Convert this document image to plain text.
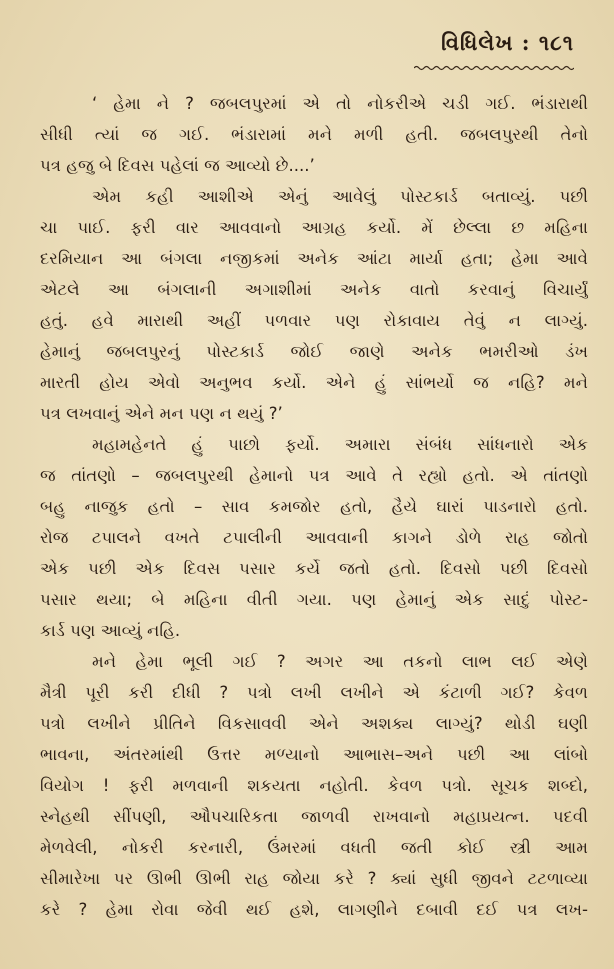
વિધિલેખ : ૧૮૧
‘ હેમા ને ? જબલપુરમાં એ તો નોકરીએ ચડી ગઈ. ભંડારાથી
સીધી ત્યાં જ ગઈ. ભંડારામાં મને મળી હતી. જબલપુરથી તેનો
પત્ર હજુ બે દિવસ પહેલાં જ આવ્યો છે....’
એમ કહી આશીએ એનું આવેલું પોસ્ટકાર્ડ બતાવ્યું. પછી
ચા પાઈ. ફરી વાર આવવાનો આગ્રહ કર્યો. મેં છેલ્લા છ મહિના
દરમિયાન આ બંગલા નજીકમાં અનેક આંટા માર્યા હતા; હેમા આવે
એટલે આ બંગલાની અગાશીમાં અનેક વાતો કરવાનું વિચાર્યું
હતું. હવે મારાથી અહીં પળવાર પણ રોકાવાય તેવું ન લાગ્યું.
હેમાનું જબલપુરનું પોસ્ટકાર્ડ જોઈ જાણે અનેક ભમરીઓ ડંખ
મારતી હોય એવો અનુભવ કર્યો. એને હું સાંભર્યો જ નહિ? મને
પત્ર લખવાનું એને મન પણ ન થયું ?’
મહામહેનતે હું પાછો ફર્યો. અમારા સંબંધ સાંધનારો એક
જ તાંતણો – જબલપુરથી હેમાનો પત્ર આવે તે રહ્યો હતો. એ તાંતણો
બહુ નાજુક હતો – સાવ કમજોર હતો, હૈયે ઘારાં પાડનારો હતો.
રોજ ટપાલને વખતે ટપાલીની આવવાની કાગને ડોળે રાહ જોતો
એક પછી એક દિવસ પસાર કર્યે જતો હતો. દિવસો પછી દિવસો
પસાર થયા; બે મહિના વીતી ગયા. પણ હેમાનું એક સાદું પોસ્ટ-
કાર્ડ પણ આવ્યું નહિ.
મને હેમા ભૂલી ગઈ ? અગર આ તકનો લાભ લઈ એણે
મૈત્રી પૂરી કરી દીધી ? પત્રો લખી લખીને એ કંટાળી ગઈ? કેવળ
પત્રો લખીને પ્રીતિને વિકસાવવી એને અશક્ય લાગ્યું? થોડી ઘણી
ભાવના, અંતરમાંથી ઉત્તર મળ્યાનો આભાસ–અને પછી આ લાંબો
વિયોગ ! ફરી મળવાની શકયતા નહોતી. કેવળ પત્રો. સૂચક શબ્દો,
સ્નેહથી સીંપણી, ઔપચારિકતા જાળવી રાખવાનો મહાપ્રયત્ન. પદવી
મેળવેલી, નોકરી કરનારી, ઉંમરમાં વધતી જતી કોઈ સ્ત્રી આમ
સીમારેખા પર ઊભી ઊભી રાહ જોયા કરે ? ક્યાં સુધી જીવને ટટળાવ્યા
કરે ? હેમા રોવા જેવી થઈ હશે, લાગણીને દબાવી દઈ પત્ર લખ-
